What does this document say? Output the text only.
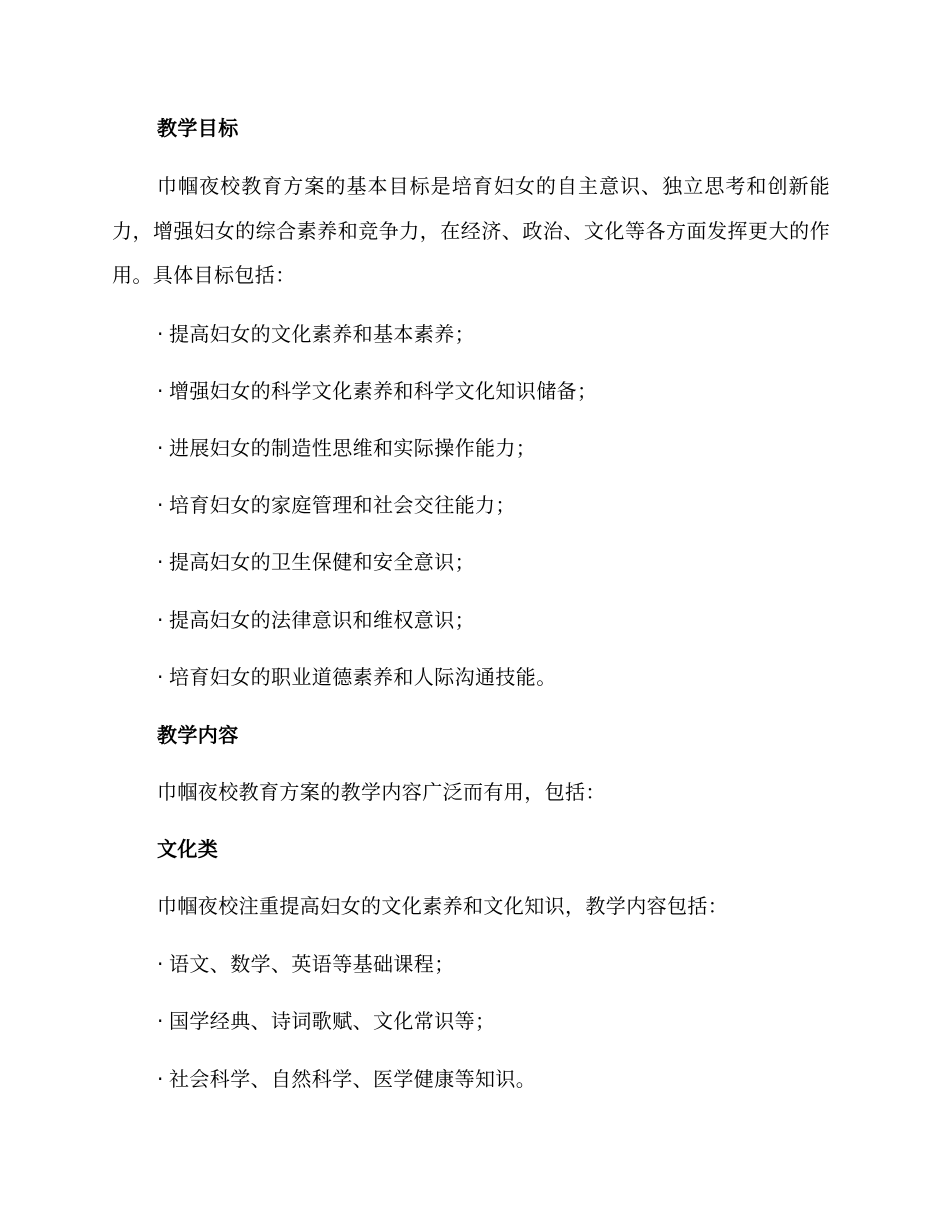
教学目标
巾帼夜校教育方案的基本目标是培育妇女的自主意识、独立思考和创新能力，增强妇女的综合素养和竞争力，在经济、政治、文化等各方面发挥更大的作用。具体目标包括：
· 提高妇女的文化素养和基本素养；
· 增强妇女的科学文化素养和科学文化知识储备；
· 进展妇女的制造性思维和实际操作能力；
· 培育妇女的家庭管理和社会交往能力；
· 提高妇女的卫生保健和安全意识；
· 提高妇女的法律意识和维权意识；
· 培育妇女的职业道德素养和人际沟通技能。
教学内容
巾帼夜校教育方案的教学内容广泛而有用，包括：
文化类
巾帼夜校注重提高妇女的文化素养和文化知识，教学内容包括：
· 语文、数学、英语等基础课程；
· 国学经典、诗词歌赋、文化常识等；
· 社会科学、自然科学、医学健康等知识。
